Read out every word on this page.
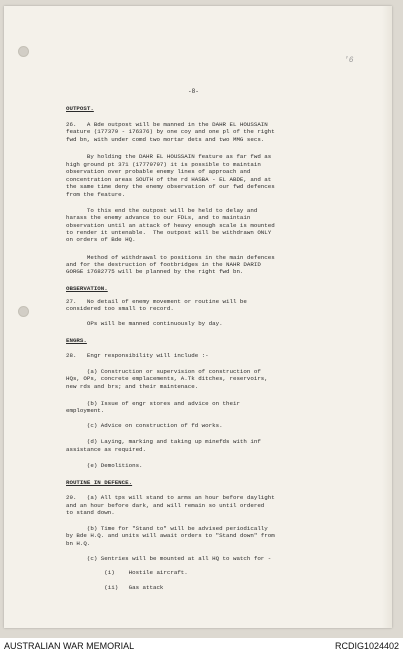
'6
-8-
OUTPOST.
26.   A Bde outpost will be manned in the DAHR EL HOUSSAIN
feature (177379 - 176376) by one coy and one pl of the right
fwd bn, with under comd two mortar dets and two MMG secs.
By holding the DAHR EL HOUSSAIN feature as far fwd as
high ground pt 371 (17779797) it is possible to maintain
observation over probable enemy lines of approach and
concentration areas SOUTH of the rd HASBA - EL ABDE, and at
the same time deny the enemy observation of our fwd defences
from the feature.
To this end the outpost will be held to delay and
harass the enemy advance to our FDLs, and to maintain
observation until an attack of heavy enough scale is mounted
to render it untenable.  The outpost will be withdrawn ONLY
on orders of Bde HQ.
Method of withdrawal to positions in the main defences
and for the destruction of footbridges in the NAHR DARID
GORGE 17682775 will be planned by the right fwd bn.
OBSERVATION.
27.   No detail of enemy movement or routine will be
considered too small to record.
OPs will be manned continuously by day.
ENGRS.
28.   Engr responsibility will include :-
(a) Construction or supervision of construction of
HQs, OPs, concrete emplacements, A.Tk ditches, reservoirs,
new rds and brs; and their maintenace.
(b) Issue of engr stores and advice on their
employment.
(c) Advice on construction of fd works.
(d) Laying, marking and taking up minefds with inf
assistance as required.
(e) Demolitions.
ROUTINE IN DEFENCE.
29.   (a) All tps will stand to arms an hour before daylight
and an hour before dark, and will remain so until ordered
to stand down.
(b) Time for "Stand to" will be advised periodically
by Bde H.Q. and units will await orders to "Stand down" from
bn H.Q.
(c) Sentries will be mounted at all HQ to watch for -
(i)    Hostile aircraft.
(ii)   Gas attack
AUSTRALIAN WAR MEMORIAL	RCDIG1024402
